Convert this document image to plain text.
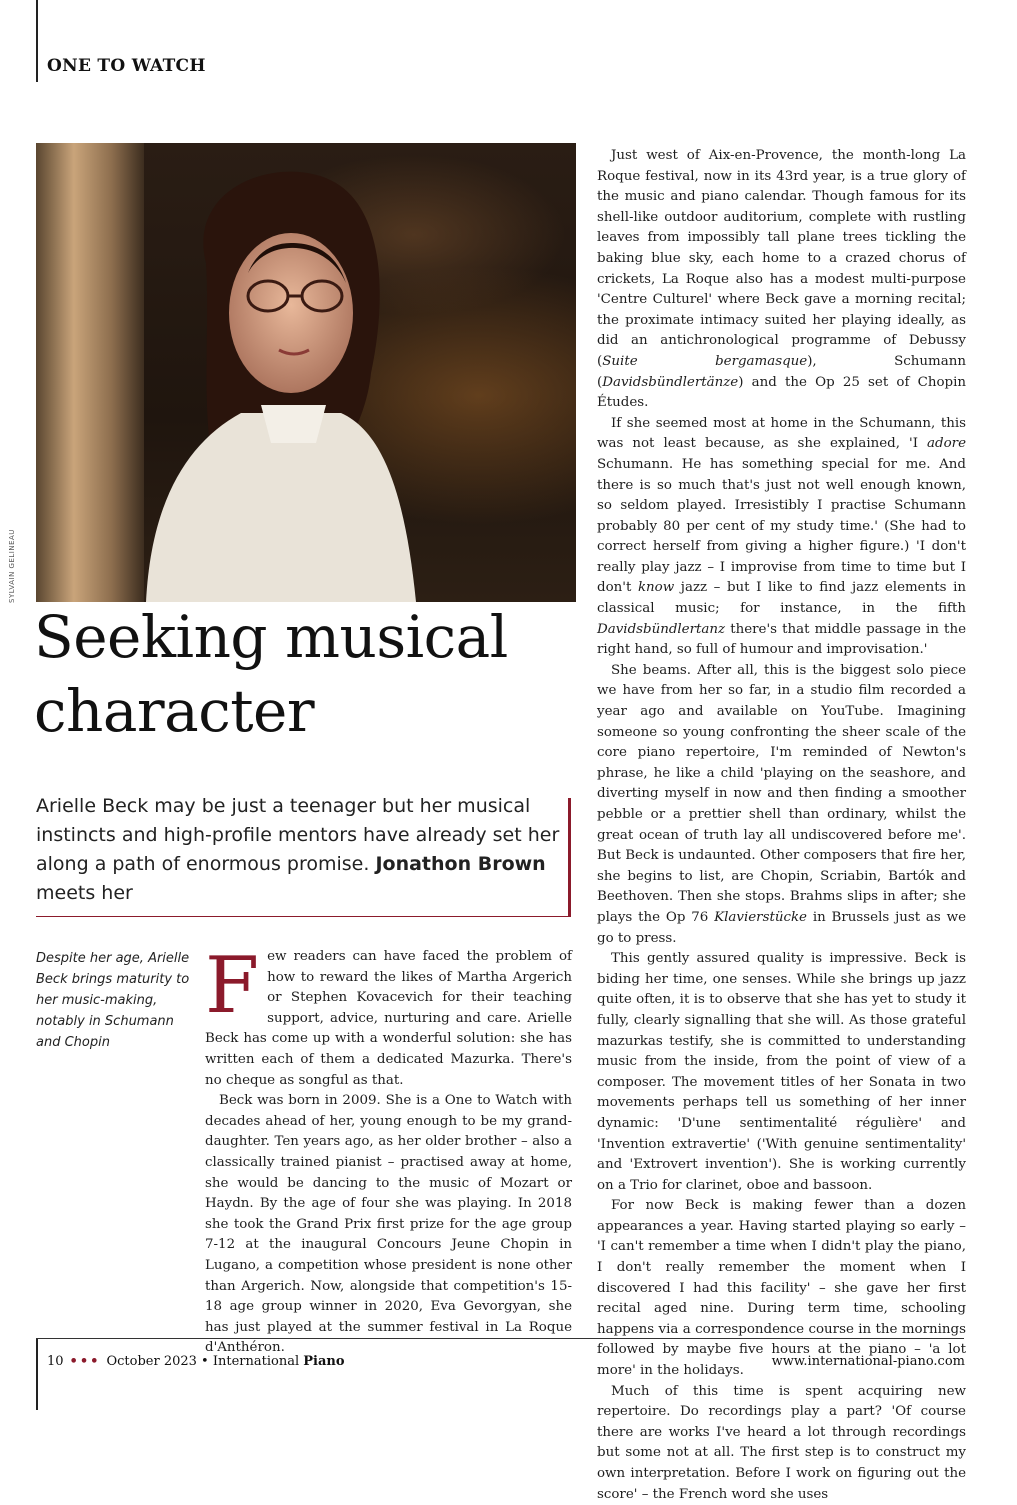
ONE TO WATCH
SYLVAIN GELINEAU
Seeking musical character
Arielle Beck may be just a teenager but her musical instincts and high-profile mentors have already set her along a path of enormous promise. Jonathon Brown meets her
Despite her age, Arielle Beck brings maturity to her music-making, notably in Schumann and Chopin
F ew readers can have faced the problem of how to reward the likes of Martha Argerich or Stephen Kovacevich for their teaching support, advice, nurturing and care. Arielle Beck has come up with a wonderful solution: she has written each of them a dedicated Mazurka. There's no cheque as songful as that.

Beck was born in 2009. She is a One to Watch with decades ahead of her, young enough to be my grand-daughter. Ten years ago, as her older brother – also a classically trained pianist – practised away at home, she would be dancing to the music of Mozart or Haydn. By the age of four she was playing. In 2018 she took the Grand Prix first prize for the age group 7-12 at the inaugural Concours Jeune Chopin in Lugano, a competition whose president is none other than Argerich. Now, alongside that competition's 15-18 age group winner in 2020, Eva Gevorgyan, she has just played at the summer festival in La Roque d'Anthéron.

Just west of Aix-en-Provence, the month-long La Roque festival, now in its 43rd year, is a true glory of the music and piano calendar. Though famous for its shell-like outdoor auditorium, complete with rustling leaves from impossibly tall plane trees tickling the baking blue sky, each home to a crazed chorus of crickets, La Roque also has a modest multi-purpose 'Centre Culturel' where Beck gave a morning recital; the proximate intimacy suited her playing ideally, as did an antichronological programme of Debussy (Suite bergamasque), Schumann (Davidsbündlertänze) and the Op 25 set of Chopin Études.

If she seemed most at home in the Schumann, this was not least because, as she explained, 'I adore Schumann. He has something special for me. And there is so much that's just not well enough known, so seldom played. Irresistibly I practise Schumann probably 80 per cent of my study time.' (She had to correct herself from giving a higher figure.) 'I don't really play jazz – I improvise from time to time but I don't know jazz – but I like to find jazz elements in classical music; for instance, in the fifth Davidsbündlertanz there's that middle passage in the right hand, so full of humour and improvisation.'

She beams. After all, this is the biggest solo piece we have from her so far, in a studio film recorded a year ago and available on YouTube. Imagining someone so young confronting the sheer scale of the core piano repertoire, I'm reminded of Newton's phrase, he like a child 'playing on the seashore, and diverting myself in now and then finding a smoother pebble or a prettier shell than ordinary, whilst the great ocean of truth lay all undiscovered before me'. But Beck is undaunted. Other composers that fire her, she begins to list, are Chopin, Scriabin, Bartók and Beethoven. Then she stops. Brahms slips in after; she plays the Op 76 Klavierstücke in Brussels just as we go to press.

This gently assured quality is impressive. Beck is biding her time, one senses. While she brings up jazz quite often, it is to observe that she has yet to study it fully, clearly signalling that she will. As those grateful mazurkas testify, she is committed to understanding music from the inside, from the point of view of a composer. The movement titles of her Sonata in two movements perhaps tell us something of her inner dynamic: 'D'une sentimentalité régulière' and 'Invention extravertie' ('With genuine sentimentality' and 'Extrovert invention'). She is working currently on a Trio for clarinet, oboe and bassoon.

For now Beck is making fewer than a dozen appearances a year. Having started playing so early – 'I can't remember a time when I didn't play the piano, I don't really remember the moment when I discovered I had this facility' – she gave her first recital aged nine. During term time, schooling happens via a correspondence course in the mornings followed by maybe five hours at the piano – 'a lot more' in the holidays.

Much of this time is spent acquiring new repertoire. Do recordings play a part? 'Of course there are works I've heard a lot through recordings but some not at all. The first step is to construct my own interpretation. Before I work on figuring out the score' – the French word she uses

10 ••• October 2023 • International Piano	www.international-piano.com
